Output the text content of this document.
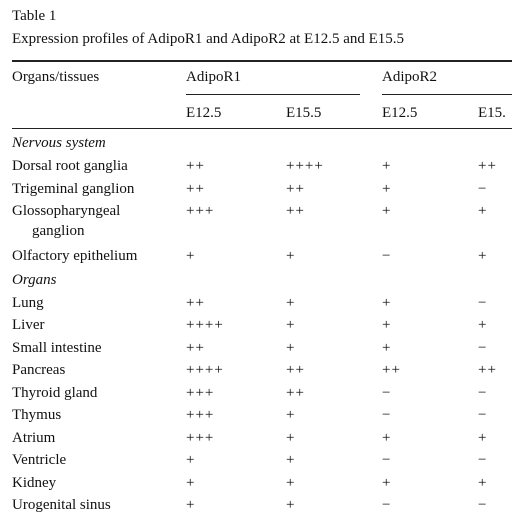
Table 1
Expression profiles of AdipoR1 and AdipoR2 at E12.5 and E15.5
Organs/tissues	AdipoR1	AdipoR2
E12.5	E15.5	E12.5	E15.
Nervous system
Dorsal root ganglia	++	++++	+	++
Trigeminal ganglion	++	++	+	−
Glossopharyngeal	+++	++	+	+
ganglion
Olfactory epithelium	+	+	−	+
Organs
Lung	++	+	+	−
Liver	++++	+	+	+
Small intestine	++	+	+	−
Pancreas	++++	++	++	++
Thyroid gland	+++	++	−	−
Thymus	+++	+	−	−
Atrium	+++	+	+	+
Ventricle	+	+	−	−
Kidney	+	+	+	+
Urogenital sinus	+	+	−	−
